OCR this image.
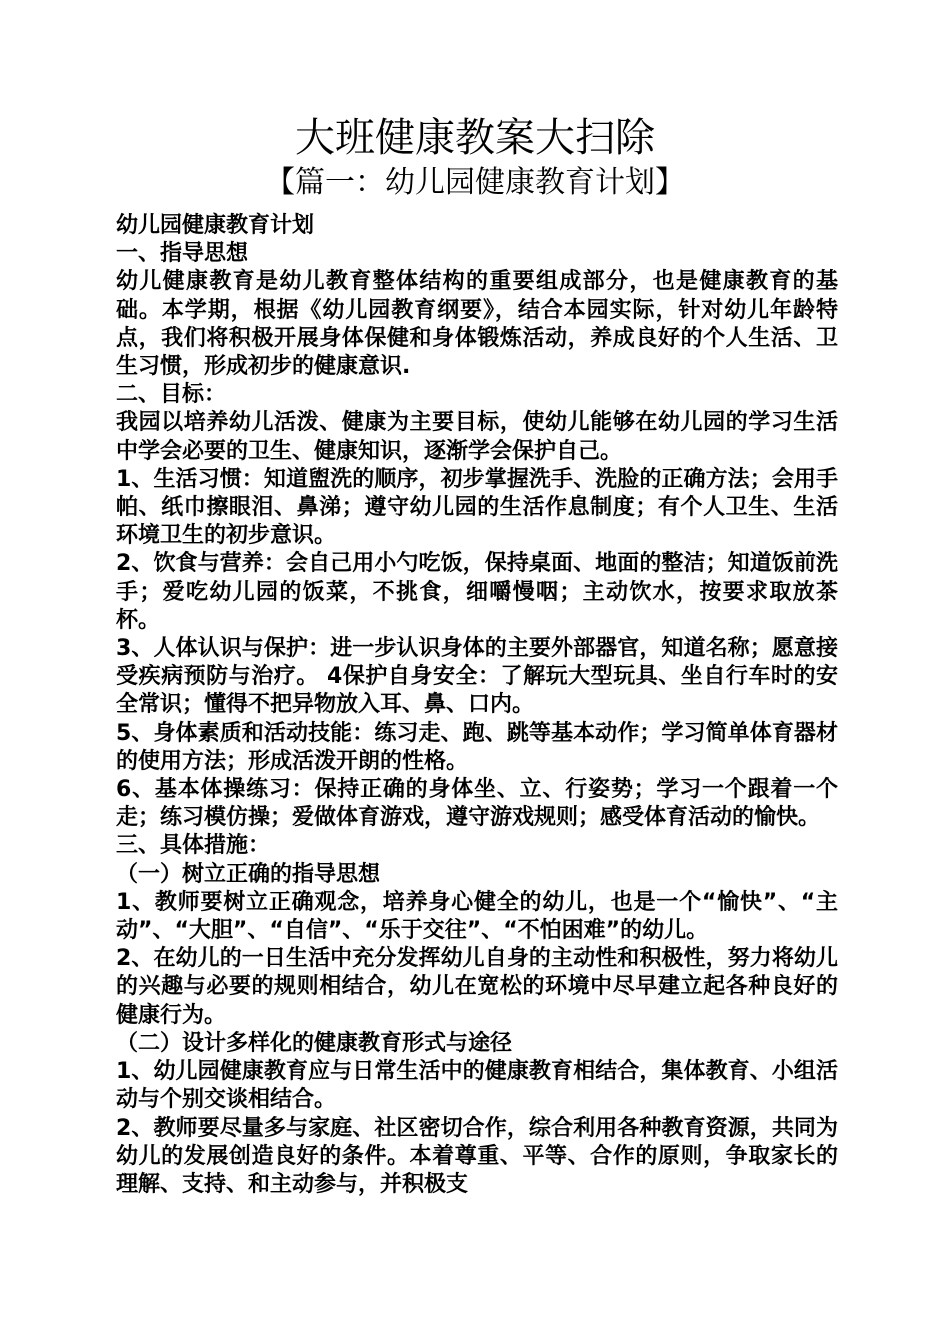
大班健康教案大扫除
【篇一：幼儿园健康教育计划】

幼儿园健康教育计划

一、指导思想

幼儿健康教育是幼儿教育整体结构的重要组成部分，也是健康教育的基础。本学期，根据《幼儿园教育纲要》，结合本园实际，针对幼儿年龄特点，我们将积极开展身体保健和身体锻炼活动，养成良好的个人生活、卫生习惯，形成初步的健康意识.

二、目标：

我园以培养幼儿活泼、健康为主要目标，使幼儿能够在幼儿园的学习生活中学会必要的卫生、健康知识，逐渐学会保护自己。

1、生活习惯：知道盥洗的顺序，初步掌握洗手、洗脸的正确方法；会用手帕、纸巾擦眼泪、鼻涕；遵守幼儿园的生活作息制度；有个人卫生、生活环境卫生的初步意识。

2、饮食与营养：会自己用小勺吃饭，保持桌面、地面的整洁；知道饭前洗手；爱吃幼儿园的饭菜，不挑食，细嚼慢咽；主动饮水，按要求取放茶杯。

3、人体认识与保护：进一步认识身体的主要外部器官，知道名称；愿意接受疾病预防与治疗。 4保护自身安全：了解玩大型玩具、坐自行车时的安全常识；懂得不把异物放入耳、鼻、口内。

5、身体素质和活动技能：练习走、跑、跳等基本动作；学习简单体育器材的使用方法；形成活泼开朗的性格。

6、基本体操练习：保持正确的身体坐、立、行姿势；学习一个跟着一个走；练习模仿操；爱做体育游戏，遵守游戏规则；感受体育活动的愉快。

三、具体措施：

（一）树立正确的指导思想

1、教师要树立正确观念，培养身心健全的幼儿，也是一个“愉快”、“主动”、“大胆”、“自信”、“乐于交往”、“不怕困难”的幼儿。

2、在幼儿的一日生活中充分发挥幼儿自身的主动性和积极性，努力将幼儿的兴趣与必要的规则相结合，幼儿在宽松的环境中尽早建立起各种良好的健康行为。

（二）设计多样化的健康教育形式与途径

1、幼儿园健康教育应与日常生活中的健康教育相结合，集体教育、小组活动与个别交谈相结合。

2、教师要尽量多与家庭、社区密切合作，综合利用各种教育资源，共同为幼儿的发展创造良好的条件。本着尊重、平等、合作的原则，争取家长的理解、支持、和主动参与，并积极支
